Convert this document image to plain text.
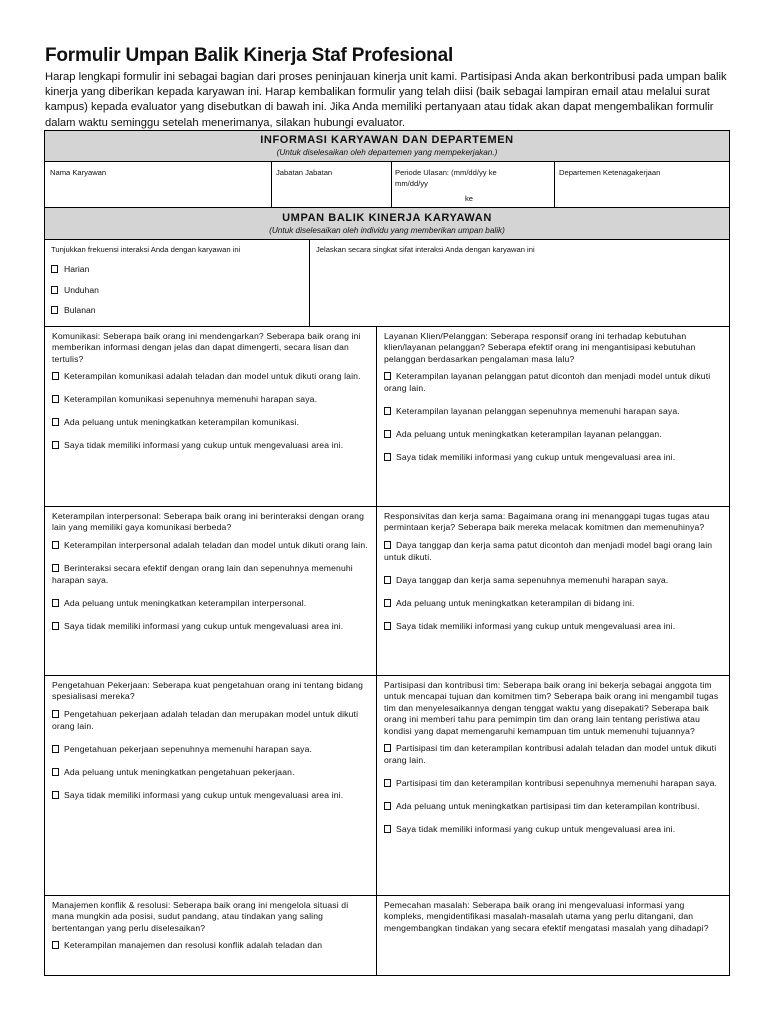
Formulir Umpan Balik Kinerja Staf Profesional

Harap lengkapi formulir ini sebagai bagian dari proses peninjauan kinerja unit kami. Partisipasi Anda akan berkontribusi pada umpan balik kinerja yang diberikan kepada karyawan ini. Harap kembalikan formulir yang telah diisi (baik sebagai lampiran email atau melalui surat kampus) kepada evaluator yang disebutkan di bawah ini. Jika Anda memiliki pertanyaan atau tidak akan dapat mengembalikan formulir dalam waktu seminggu setelah menerimanya, silakan hubungi evaluator.

INFORMASI KARYAWAN DAN DEPARTEMEN
(Untuk diselesaikan oleh departemen yang mempekerjakan.)
Nama Karyawan	Jabatan Jabatan	Periode Ulasan: (mm/dd/yy ke mm/dd/yy
ke
Departemen Ketenagakerjaan
UMPAN BALIK KINERJA KARYAWAN
(Untuk diselesaikan oleh individu yang memberikan umpan balik)
Tunjukkan frekuensi interaksi Anda dengan karyawan ini
Harian
Unduhan
Bulanan
Jelaskan secara singkat sifat interaksi Anda dengan karyawan ini

Komunikasi: Seberapa baik orang ini mendengarkan? Seberapa baik orang ini memberikan informasi dengan jelas dan dapat dimengerti, secara lisan dan tertulis?

Keterampilan komunikasi adalah teladan dan model untuk dikuti orang lain.

Keterampilan komunikasi sepenuhnya memenuhi harapan saya.

Ada peluang untuk meningkatkan keterampilan komunikasi.

Saya tidak memiliki informasi yang cukup untuk mengevaluasi area ini.

Layanan Klien/Pelanggan: Seberapa responsif orang ini terhadap kebutuhan klien/layanan pelanggan? Seberapa efektif orang ini mengantisipasi kebutuhan pelanggan berdasarkan pengalaman masa lalu?

Keterampilan layanan pelanggan patut dicontoh dan menjadi model untuk dikuti orang lain.

Keterampilan layanan pelanggan sepenuhnya memenuhi harapan saya.

Ada peluang untuk meningkatkan keterampilan layanan pelanggan.

Saya tidak memiliki informasi yang cukup untuk mengevaluasi area ini.

Keterampilan interpersonal: Seberapa baik orang ini berinteraksi dengan orang lain yang memiliki gaya komunikasi berbeda?

Keterampilan interpersonal adalah teladan dan model untuk dikuti orang lain.

Berinteraksi secara efektif dengan orang lain dan sepenuhnya memenuhi harapan saya.

Ada peluang untuk meningkatkan keterampilan interpersonal.

Saya tidak memiliki informasi yang cukup untuk mengevaluasi area ini.

Responsivitas dan kerja sama: Bagaimana orang ini menanggapi tugas tugas atau permintaan kerja? Seberapa baik mereka melacak komitmen dan memenuhinya?

Daya tanggap dan kerja sama patut dicontoh dan menjadi model bagi orang lain untuk dikuti.

Daya tanggap dan kerja sama sepenuhnya memenuhi harapan saya.

Ada peluang untuk meningkatkan keterampilan di bidang ini.

Saya tidak memiliki informasi yang cukup untuk mengevaluasi area ini.

Pengetahuan Pekerjaan: Seberapa kuat pengetahuan orang ini tentang bidang spesialisasi mereka?

Pengetahuan pekerjaan adalah teladan dan merupakan model untuk dikuti orang lain.

Pengetahuan pekerjaan sepenuhnya memenuhi harapan saya.

Ada peluang untuk meningkatkan pengetahuan pekerjaan.

Saya tidak memiliki informasi yang cukup untuk mengevaluasi area ini.

Partisipasi dan kontribusi tim: Seberapa baik orang ini bekerja sebagai anggota tim untuk mencapai tujuan dan komitmen tim? Seberapa baik orang ini mengambil tugas tim dan menyelesaikannya dengan tenggat waktu yang disepakati? Seberapa baik orang ini memberi tahu para pemimpin tim dan orang lain tentang peristiwa atau kondisi yang dapat memengaruhi kemampuan tim untuk memenuhi tujuannya?

Partisipasi tim dan keterampilan kontribusi adalah teladan dan model untuk dikuti orang lain.

Partisipasi tim dan keterampilan kontribusi sepenuhnya memenuhi harapan saya.

Ada peluang untuk meningkatkan partisipasi tim dan keterampilan kontribusi.

Saya tidak memiliki informasi yang cukup untuk mengevaluasi area ini.

Manajemen konflik & resolusi: Seberapa baik orang ini mengelola situasi di mana mungkin ada posisi, sudut pandang, atau tindakan yang saling bertentangan yang perlu diselesaikan?

Keterampilan manajemen dan resolusi konflik adalah teladan dan

Pemecahan masalah: Seberapa baik orang ini mengevaluasi informasi yang kompleks, mengidentifikasi masalah-masalah utama yang perlu ditangani, dan mengembangkan tindakan yang secara efektif mengatasi masalah yang dihadapi?
